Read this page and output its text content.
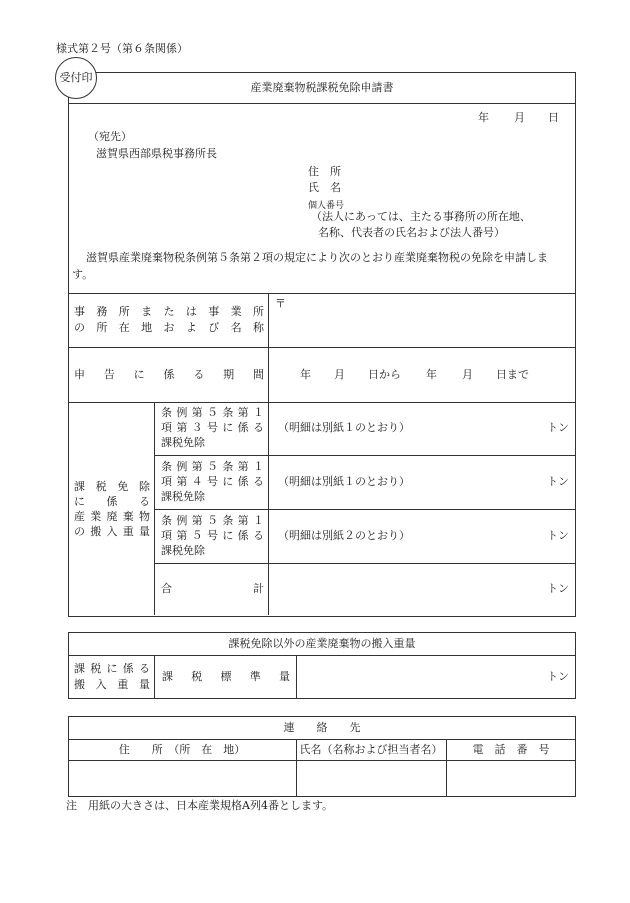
様式第２号（第６条関係）
受付印
産業廃棄物税課税免除申請書
年 月 日
（宛先）
滋賀県西部県税事務所長
住　所
氏　名
個人番号
（法人にあっては、主たる事務所の所在地、
名称、代表者の氏名および法人番号）
滋賀県産業廃棄物税条例第５条第２項の規定により次のとおり産業廃棄物税の免除を申請しま
す。
事務所または事業所
の所在地および名称
〒
申告に係る期間	年 月 日から 年 月 日まで
課税免除
に係る
産業廃棄物
の搬入重量
条例第５条第１
項第３号に係る
課税免除
（明細は別紙１のとおり）	トン
条例第５条第１
項第４号に係る
課税免除
（明細は別紙１のとおり）	トン
条例第５条第１
項第５号に係る
課税免除
（明細は別紙２のとおり）	トン
合	計	トン
課税免除以外の産業廃棄物の搬入重量
課税に係る
搬入重量
課税標準量	トン
連　　絡　　先
住　　所　（所　在　地）	氏名（名称および担当者名）	電　話　番　号
注　用紙の大きさは、日本産業規格A列4番とします。
